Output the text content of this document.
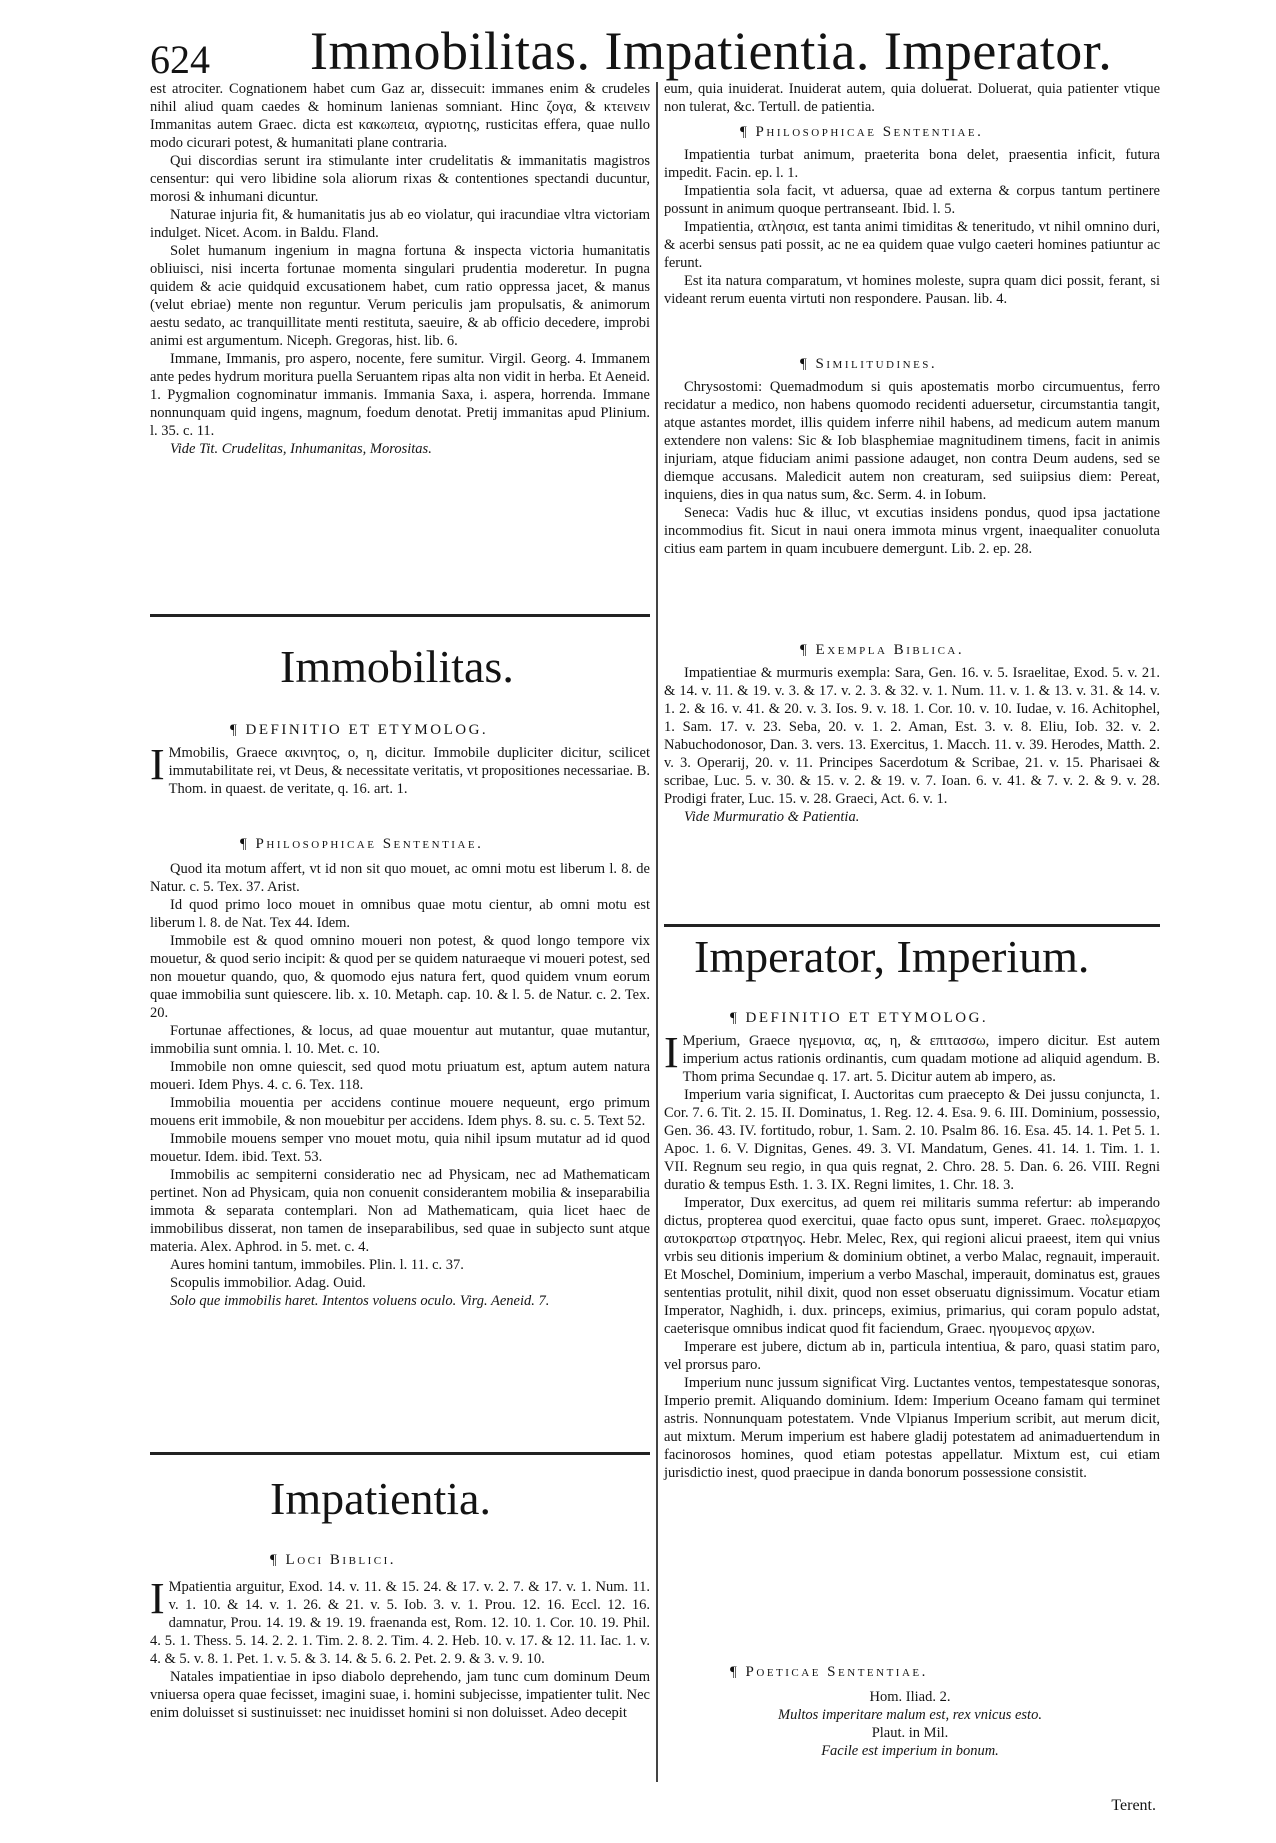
624 Immobilitas. Impatientia. Imperator.

est atrociter. Cognationem habet cum Gaz ar, dissecuit: immanes enim & crudeles nihil aliud quam caedes & hominum lanienas somniant. Hinc ζογα, & κτεινειν Immanitas autem Graec. dicta est κακωπεια, αγριοτης, rusticitas effera, quae nullo modo cicurari potest, & humanitati plane contraria.

Qui discordias serunt ira stimulante inter crudelitatis & immanitatis magistros censentur: qui vero libidine sola aliorum rixas & contentiones spectandi ducuntur, morosi & inhumani dicuntur.

Naturae injuria fit, & humanitatis jus ab eo violatur, qui iracundiae vltra victoriam indulget. Nicet. Acom. in Baldu. Fland.

Solet humanum ingenium in magna fortuna & inspecta victoria humanitatis obliuisci, nisi incerta fortunae momenta singulari prudentia moderetur. In pugna quidem & acie quidquid excusationem habet, cum ratio oppressa jacet, & manus (velut ebriae) mente non reguntur. Verum periculis jam propulsatis, & animorum aestu sedato, ac tranquillitate menti restituta, saeuire, & ab officio decedere, improbi animi est argumentum. Niceph. Gregoras, hist. lib. 6.

Immane, Immanis, pro aspero, nocente, fere sumitur. Virgil. Georg. 4. Immanem ante pedes hydrum moritura puella Seruantem ripas alta non vidit in herba. Et Aeneid. 1. Pygmalion cognominatur immanis. Immania Saxa, i. aspera, horrenda. Immane nonnunquam quid ingens, magnum, foedum denotat. Pretij immanitas apud Plinium. l. 35. c. 11.

Vide Tit. Crudelitas, Inhumanitas, Morositas.

Immobilitas.
¶ DEFINITIO ET ETYMOLOG.

I Mmobilis, Graece ακινητος, ο, η, dicitur. Immobile dupliciter dicitur, scilicet immutabilitate rei, vt Deus, & necessitate veritatis, vt propositiones necessariae. B. Thom. in quaest. de veritate, q. 16. art. 1.

¶ Philosophicae Sententiae.

Quod ita motum affert, vt id non sit quo mouet, ac omni motu est liberum l. 8. de Natur. c. 5. Tex. 37. Arist.

Id quod primo loco mouet in omnibus quae motu cientur, ab omni motu est liberum l. 8. de Nat. Tex 44. Idem.

Immobile est & quod omnino moueri non potest, & quod longo tempore vix mouetur, & quod serio incipit: & quod per se quidem naturaeque vi moueri potest, sed non mouetur quando, quo, & quomodo ejus natura fert, quod quidem vnum eorum quae immobilia sunt quiescere. lib. x. 10. Metaph. cap. 10. & l. 5. de Natur. c. 2. Tex. 20.

Fortunae affectiones, & locus, ad quae mouentur aut mutantur, quae mutantur, immobilia sunt omnia. l. 10. Met. c. 10.

Immobile non omne quiescit, sed quod motu priuatum est, aptum autem natura moueri. Idem Phys. 4. c. 6. Tex. 118.

Immobilia mouentia per accidens continue mouere nequeunt, ergo primum mouens erit immobile, & non mouebitur per accidens. Idem phys. 8. su. c. 5. Text 52.

Immobile mouens semper vno mouet motu, quia nihil ipsum mutatur ad id quod mouetur. Idem. ibid. Text. 53.

Immobilis ac sempiterni consideratio nec ad Physicam, nec ad Mathematicam pertinet. Non ad Physicam, quia non conuenit considerantem mobilia & inseparabilia immota & separata contemplari. Non ad Mathematicam, quia licet haec de immobilibus disserat, non tamen de inseparabilibus, sed quae in subjecto sunt atque materia. Alex. Aphrod. in 5. met. c. 4.

Aures homini tantum, immobiles. Plin. l. 11. c. 37.

Scopulis immobilior. Adag. Ouid.

Solo que immobilis haret. Intentos voluens oculo. Virg. Aeneid. 7.

Impatientia.
¶ Loci Biblici.

I Mpatientia arguitur, Exod. 14. v. 11. & 15. 24. & 17. v. 2. 7. & 17. v. 1. Num. 11. v. 1. 10. & 14. v. 1. 26. & 21. v. 5. Iob. 3. v. 1. Prou. 12. 16. Eccl. 12. 16. damnatur, Prou. 14. 19. & 19. 19. fraenanda est, Rom. 12. 10. 1. Cor. 10. 19. Phil. 4. 5. 1. Thess. 5. 14. 2. 2. 1. Tim. 2. 8. 2. Tim. 4. 2. Heb. 10. v. 17. & 12. 11. Iac. 1. v. 4. & 5. v. 8. 1. Pet. 1. v. 5. & 3. 14. & 5. 6. 2. Pet. 2. 9. & 3. v. 9. 10.

Natales impatientiae in ipso diabolo deprehendo, jam tunc cum dominum Deum vniuersa opera quae fecisset, imagini suae, i. homini subjecisse, impatienter tulit. Nec enim doluisset si sustinuisset: nec inuidisset homini si non doluisset. Adeo decepit

eum, quia inuiderat. Inuiderat autem, quia doluerat. Doluerat, quia patienter vtique non tulerat, &c. Tertull. de patientia.

¶ Philosophicae Sententiae.

Impatientia turbat animum, praeterita bona delet, praesentia inficit, futura impedit. Facin. ep. l. 1.

Impatientia sola facit, vt aduersa, quae ad externa & corpus tantum pertinere possunt in animum quoque pertranseant. Ibid. l. 5.

Impatientia, ατλησια, est tanta animi timiditas & teneritudo, vt nihil omnino duri, & acerbi sensus pati possit, ac ne ea quidem quae vulgo caeteri homines patiuntur ac ferunt.

Est ita natura comparatum, vt homines moleste, supra quam dici possit, ferant, si videant rerum euenta virtuti non respondere. Pausan. lib. 4.

¶ Similitudines.

Chrysostomi: Quemadmodum si quis apostematis morbo circumuentus, ferro recidatur a medico, non habens quomodo recidenti aduersetur, circumstantia tangit, atque astantes mordet, illis quidem inferre nihil habens, ad medicum autem manum extendere non valens: Sic & Iob blasphemiae magnitudinem timens, facit in animis injuriam, atque fiduciam animi passione adauget, non contra Deum audens, sed se diemque accusans. Maledicit autem non creaturam, sed suiipsius diem: Pereat, inquiens, dies in qua natus sum, &c. Serm. 4. in Iobum.

Seneca: Vadis huc & illuc, vt excutias insidens pondus, quod ipsa jactatione incommodius fit. Sicut in naui onera immota minus vrgent, inaequaliter conuoluta citius eam partem in quam incubuere demergunt. Lib. 2. ep. 28.

¶ Exempla Biblica.

Impatientiae & murmuris exempla: Sara, Gen. 16. v. 5. Israelitae, Exod. 5. v. 21. & 14. v. 11. & 19. v. 3. & 17. v. 2. 3. & 32. v. 1. Num. 11. v. 1. & 13. v. 31. & 14. v. 1. 2. & 16. v. 41. & 20. v. 3. Ios. 9. v. 18. 1. Cor. 10. v. 10. Iudae, v. 16. Achitophel, 1. Sam. 17. v. 23. Seba, 20. v. 1. 2. Aman, Est. 3. v. 8. Eliu, Iob. 32. v. 2. Nabuchodonosor, Dan. 3. vers. 13. Exercitus, 1. Macch. 11. v. 39. Herodes, Matth. 2. v. 3. Operarij, 20. v. 11. Principes Sacerdotum & Scribae, 21. v. 15. Pharisaei & scribae, Luc. 5. v. 30. & 15. v. 2. & 19. v. 7. Ioan. 6. v. 41. & 7. v. 2. & 9. v. 28. Prodigi frater, Luc. 15. v. 28. Graeci, Act. 6. v. 1.

Vide Murmuratio & Patientia.

Imperator, Imperium.
¶ DEFINITIO ET ETYMOLOG.

I Mperium, Graece ηγεμονια, ας, η, & επιτασσω, impero dicitur. Est autem imperium actus rationis ordinantis, cum quadam motione ad aliquid agendum. B. Thom prima Secundae q. 17. art. 5. Dicitur autem ab impero, as.

Imperium varia significat, I. Auctoritas cum praecepto & Dei jussu conjuncta, 1. Cor. 7. 6. Tit. 2. 15. II. Dominatus, 1. Reg. 12. 4. Esa. 9. 6. III. Dominium, possessio, Gen. 36. 43. IV. fortitudo, robur, 1. Sam. 2. 10. Psalm 86. 16. Esa. 45. 14. 1. Pet 5. 1. Apoc. 1. 6. V. Dignitas, Genes. 49. 3. VI. Mandatum, Genes. 41. 14. 1. Tim. 1. 1. VII. Regnum seu regio, in qua quis regnat, 2. Chro. 28. 5. Dan. 6. 26. VIII. Regni duratio & tempus Esth. 1. 3. IX. Regni limites, 1. Chr. 18. 3.

Imperator, Dux exercitus, ad quem rei militaris summa refertur: ab imperando dictus, propterea quod exercitui, quae facto opus sunt, imperet. Graec. πολεμαρχος αυτοκρατωρ στρατηγος. Hebr. Melec, Rex, qui regioni alicui praeest, item qui vnius vrbis seu ditionis imperium & dominium obtinet, a verbo Malac, regnauit, imperauit. Et Moschel, Dominium, imperium a verbo Maschal, imperauit, dominatus est, graues sententias protulit, nihil dixit, quod non esset obseruatu dignissimum. Vocatur etiam Imperator, Naghidh, i. dux. princeps, eximius, primarius, qui coram populo adstat, caeterisque omnibus indicat quod fit faciendum, Graec. ηγουμενος αρχων.

Imperare est jubere, dictum ab in, particula intentiua, & paro, quasi statim paro, vel prorsus paro.

Imperium nunc jussum significat Virg. Luctantes ventos, tempestatesque sonoras, Imperio premit. Aliquando dominium. Idem: Imperium Oceano famam qui terminet astris. Nonnunquam potestatem. Vnde Vlpianus Imperium scribit, aut merum dicit, aut mixtum. Merum imperium est habere gladij potestatem ad animaduertendum in facinorosos homines, quod etiam potestas appellatur. Mixtum est, cui etiam jurisdictio inest, quod praecipue in danda bonorum possessione consistit.

¶ Poeticae Sententiae.

Hom. Iliad. 2.

Multos imperitare malum est, rex vnicus esto.

Plaut. in Mil.

Facile est imperium in bonum.

Terent.
